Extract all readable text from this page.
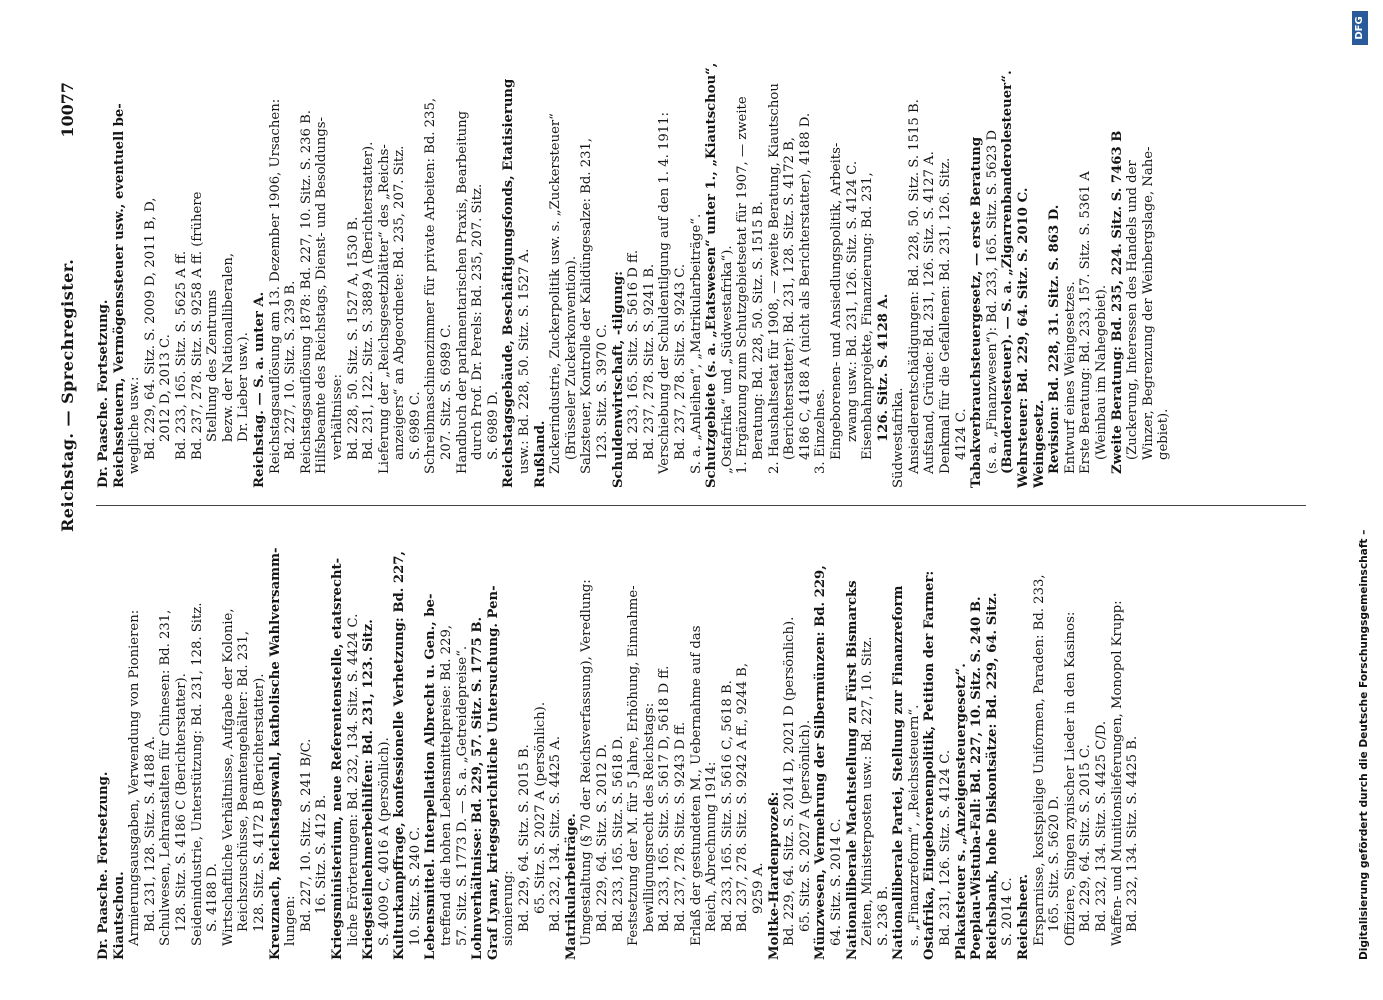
Reichstag. — Sprechregister.
10077
Dr. Paasche. Fortsetzung. Kiautschou. Armierungsausgaben, Verwendung von Pionieren: Bd. 231, 128. Sitz. S. 4188 A. Schulwesen, Lehranstalten für Chinesen: Bd. 231, 128. Sitz. S. 4186 C (Berichterstatter). Seidenindustrie, Unterstützung: Bd. 231, 128. Sitz. S. 4188 D. Wirtschaftliche Verhältnisse, Aufgabe der Kolonie, Reichszuschüsse, Beamtengehälter: Bd. 231, 128. Sitz. S. 4172 B (Berichterstatter). Kreuznach, Reichstagswahl, katholische Wahlversamm- lungen: Bd. 227, 10. Sitz. S. 241 B/C. 16. Sitz. S. 412 B. Kriegsministerium, neue Referentenstelle, etatsrecht- liche Erörterungen: Bd. 232, 134. Sitz. S. 4424 C. Kriegsteilnehmerbeihilfen: Bd. 231, 123. Sitz. S. 4009 C, 4016 A (persönlich). Kulturkampffrage, konfessionelle Verhetzung: Bd. 227, 10. Sitz. S. 240 C. Lebensmittel. Interpellation Albrecht u. Gen., be- treffend die hohen Lebensmittelpreise: Bd. 229, 57. Sitz. S. 1773 D. — S. a. „Getreidepreise“. Lohnverhältnisse: Bd. 229, 57. Sitz. S. 1775 B. Graf Lynar, kriegsgerichtliche Untersuchung. Pen- sionierung: Bd. 229, 64. Sitz. S. 2015 B. 65. Sitz. S. 2027 A (persönlich). Bd. 232, 134. Sitz. S. 4425 A. Matrikularbeiträge. Umgestaltung (§ 70 der Reichsverfassung), Veredlung: Bd. 229, 64. Sitz. S. 2012 D. Bd. 233, 165. Sitz. S. 5618 D. Festsetzung der M. für 5 Jahre, Erhöhung, Einnahme- bewilligungsrecht des Reichstags: Bd. 233, 165. Sitz. S. 5617 D, 5618 D ff. Bd. 237, 278. Sitz. S. 9243 D ff. Erlaß der gestundeten M., Uebernahme auf das Reich, Abrechnung 1914: Bd. 233, 165. Sitz. S. 5616 C, 5618 B. Bd. 237, 278. Sitz. S. 9242 A ff., 9244 B, 9259 A. Moltke-Hardenprozeß: Bd. 229, 64. Sitz. S. 2014 D, 2021 D (persönlich). 65. Sitz. S. 2027 A (persönlich). Münzwesen, Vermehrung der Silbermünzen: Bd. 229, 64. Sitz. S. 2014 C. Nationalliberale Machtstellung zu Fürst Bismarcks Zeiten, Ministerposten usw.: Bd. 227, 10. Sitz. S. 236 B. Nationalliberale Partei, Stellung zur Finanzreform s. „Finanzreform“, „Reichssteuern“. Ostafrika, Eingeborenenpolitik, Petition der Farmer: Bd. 231, 126. Sitz. S. 4124 C. Plakatsteuer s. „Anzeigensteuergesetz“. Poeplau-Wistuba-Fall: Bd. 227, 10. Sitz. S. 240 B. Reichsbank, hohe Diskontsätze: Bd. 229, 64. Sitz. S. 2014 C. Reichsheer. Ersparnisse, kostspielige Uniformen, Paraden: Bd. 233, 165. Sitz. S. 5620 D. Offiziere, Singen zynischer Lieder in den Kasinos: Bd. 229, 64. Sitz. S. 2015 C. Bd. 232, 134. Sitz. S. 4425 C/D. Waffen- und Munitionslieferungen, Monopol Krupp: Bd. 232, 134. Sitz. S. 4425 B.
Dr. Paasche. Fortsetzung. Reichssteuern, Vermögenssteuer usw., eventuell be- wegliche usw.: Bd. 229, 64. Sitz. S. 2009 D, 2011 B, D, 2012 D, 2013 C. Bd. 233, 165. Sitz. S. 5625 A ff. Bd. 237, 278. Sitz. S. 9258 A ff. (frühere Stellung des Zentrums bezw. der Nationalliberalen, Dr. Lieber usw.). Reichstag. — S. a. unter A. Reichstagsauflösung am 13. Dezember 1906, Ursachen: Bd. 227, 10. Sitz. S. 239 B. Reichstagsauflösung 1878: Bd. 227, 10. Sitz. S. 236 B. Hilfsbeamte des Reichstags, Dienst- und Besoldungs- verhältnisse: Bd. 228, 50. Sitz. S. 1527 A, 1530 B. Bd. 231, 122. Sitz. S. 3889 A (Berichterstatter). Lieferung der „Reichsgesetzblätter“ des „Reichs- anzeigers“ an Abgeordnete: Bd. 235, 207. Sitz. S. 6989 C. Schreibmaschinenzimmer für private Arbeiten: Bd. 235, 207. Sitz. S. 6989 C. Handbuch der parlamentarischen Praxis, Bearbeitung durch Prof. Dr. Perels: Bd. 235, 207. Sitz. S. 6989 D. Reichstagsgebäude, Beschäftigungsfonds, Etatisierung usw.: Bd. 228, 50. Sitz. S. 1527 A. Rußland. Zuckerindustrie, Zuckerpolitik usw. s. „Zuckersteuer“ (Brüsseler Zuckerkonvention). Salzsteuer, Kontrolle der Kalidüngesalze: Bd. 231, 123. Sitz. S. 3970 C. Schuldenwirtschaft, -tilgung: Bd. 233, 165. Sitz. S. 5616 D ff. Bd. 237, 278. Sitz. S. 9241 B. Verschiebung der Schuldentilgung auf den 1. 4. 1911: Bd. 237, 278. Sitz. S. 9243 C. S. a. „Anleihen“, „Matrikularbeiträge“. Schutzgebiete (s. a. „Etatswesen“ unter 1., „Kiautschou“, „Ostafrika“ und „Südwestafrika“). 1. Ergänzung zum Schutzgebietsetat für 1907, — zweite Beratung: Bd. 228, 50. Sitz. S. 1515 B. 2. Haushaltsetat für 1908, — zweite Beratung, Kiautschou (Berichterstatter): Bd. 231, 128. Sitz. S. 4172 B, 4186 C, 4188 A (nicht als Berichterstatter), 4188 D. 3. Einzelnes. Eingeborenen- und Ansiedlungspolitik, Arbeits- zwang usw.: Bd. 231, 126. Sitz. S. 4124 C. Eisenbahnprojekte, Finanzierung: Bd. 231, 126. Sitz. S. 4128 A. Südwestafrika. Ansiedlerentschädigungen: Bd. 228, 50. Sitz. S. 1515 B. Aufstand, Gründe: Bd. 231, 126. Sitz. S. 4127 A. Denkmal für die Gefallenen: Bd. 231, 126. Sitz. 4124 C. Tabakverbrauchsteuergesetz, — erste Beratung (s. a. „Finanzwesen“): Bd. 233, 165. Sitz. S. 5623 D (Banderolesteuer). — S. a. „Zigarrenbanderolesteuer“. Wehrsteuer: Bd. 229, 64. Sitz. S. 2010 C. Weingesetz. Revision: Bd. 228, 31. Sitz. S. 863 D. Entwurf eines Weingesetzes. Erste Beratung: Bd. 233, 157. Sitz. S. 5361 A (Weinbau im Nahegebiet). Zweite Beratung: Bd. 235, 224. Sitz. S. 7463 B (Zuckerung, Interessen des Handels und der Winzer, Begrenzung der Weinbergslage, Nahe- gebiet).
Digitalisierung gefördert durch die Deutsche Forschungsgemeinschaft –
DFG
